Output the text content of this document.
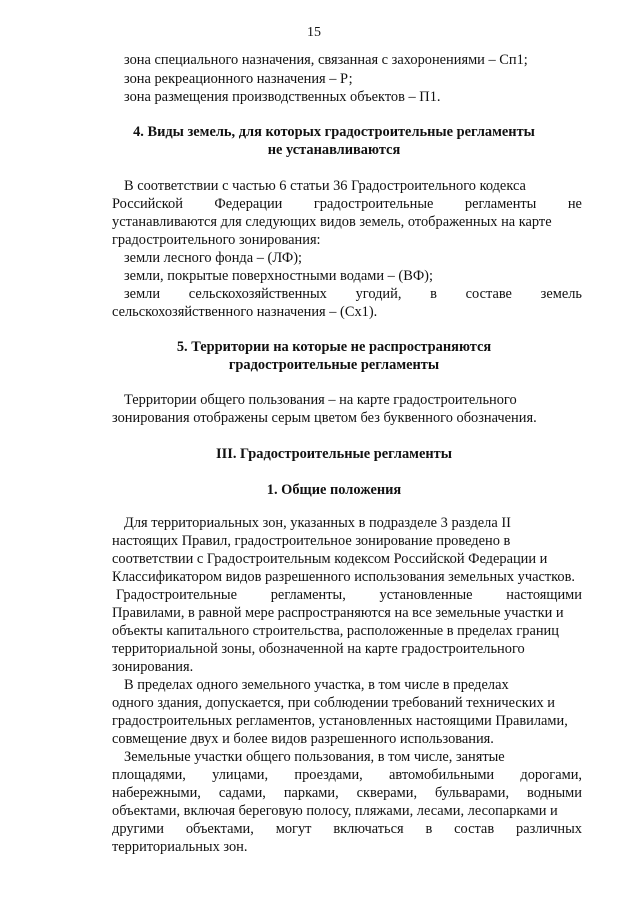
15
зона специального назначения, связанная с захоронениями – Сп1;
зона рекреационного назначения – Р;
зона размещения производственных объектов – П1.
4. Виды земель, для которых градостроительные регламенты
не устанавливаются
В соответствии с частью 6 статьи 36 Градостроительного кодекса
Российской Федерации градостроительные регламенты не
устанавливаются для следующих видов земель, отображенных на карте
градостроительного зонирования:
земли лесного фонда – (ЛФ);
земли, покрытые поверхностными водами – (ВФ);
земли сельскохозяйственных угодий, в составе земель
сельскохозяйственного назначения – (Сх1).
5. Территории на которые не распространяются
градостроительные регламенты
Территории общего пользования – на карте градостроительного
зонирования отображены серым цветом без буквенного обозначения.
III. Градостроительные регламенты
1. Общие положения
Для территориальных зон, указанных в подразделе 3 раздела II
настоящих Правил, градостроительное зонирование проведено в
соответствии с Градостроительным кодексом Российской Федерации и
Классификатором видов разрешенного использования земельных участков.
Градостроительные регламенты, установленные настоящими
Правилами, в равной мере распространяются на все земельные участки и
объекты капитального строительства, расположенные в пределах границ
территориальной зоны, обозначенной на карте градостроительного
зонирования.
В пределах одного земельного участка, в том числе в пределах
одного здания, допускается, при соблюдении требований технических и
градостроительных регламентов, установленных настоящими Правилами,
совмещение двух и более видов разрешенного использования.
Земельные участки общего пользования, в том числе, занятые
площадями, улицами, проездами, автомобильными дорогами,
набережными, садами, парками, скверами, бульварами, водными
объектами, включая береговую полосу, пляжами, лесами, лесопарками и
другими объектами, могут включаться в состав различных
территориальных зон.
